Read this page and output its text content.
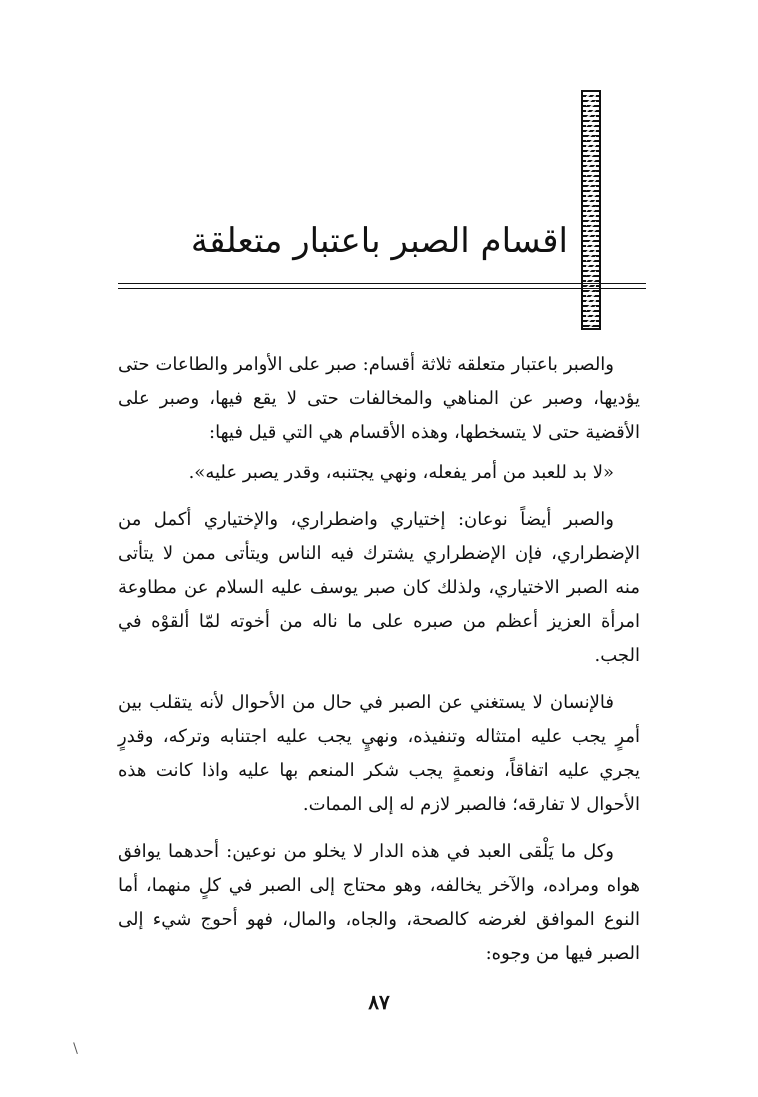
اقسام الصبر باعتبار متعلقة

والصبر باعتبار متعلقه ثلاثة أقسام: صبر على الأوامر والطاعات حتى يؤديها، وصبر عن المناهي والمخالفات حتى لا يقع فيها، وصبر على الأقضية حتى لا يتسخطها، وهذه الأقسام هي التي قيل فيها:

«لا بد للعبد من أمر يفعله، ونهي يجتنبه، وقدر يصبر عليه».

والصبر أيضاً نوعان: إختياري واضطراري، والإختياري أكمل من الإضطراري، فإن الإضطراري يشترك فيه الناس ويتأتى ممن لا يتأتى منه الصبر الاختياري، ولذلك كان صبر يوسف عليه السلام عن مطاوعة امرأة العزيز أعظم من صبره على ما ناله من أخوته لمّا ألقوْه في الجب.

فالإنسان لا يستغني عن الصبر في حال من الأحوال لأنه يتقلب بين أمرٍ يجب عليه امتثاله وتنفيذه، ونهيٍ يجب عليه اجتنابه وتركه، وقدرٍ يجري عليه اتفاقاً، ونعمةٍ يجب شكر المنعم بها عليه واذا كانت هذه الأحوال لا تفارقه؛ فالصبر لازم له إلى الممات.

وكل ما يَلْقى العبد في هذه الدار لا يخلو من نوعين: أحدهما يوافق هواه ومراده، والآخر يخالفه، وهو محتاج إلى الصبر في كلٍ منهما، أما النوع الموافق لغرضه كالصحة، والجاه، والمال، فهو أحوج شيء إلى الصبر فيها من وجوه:

٨٧
